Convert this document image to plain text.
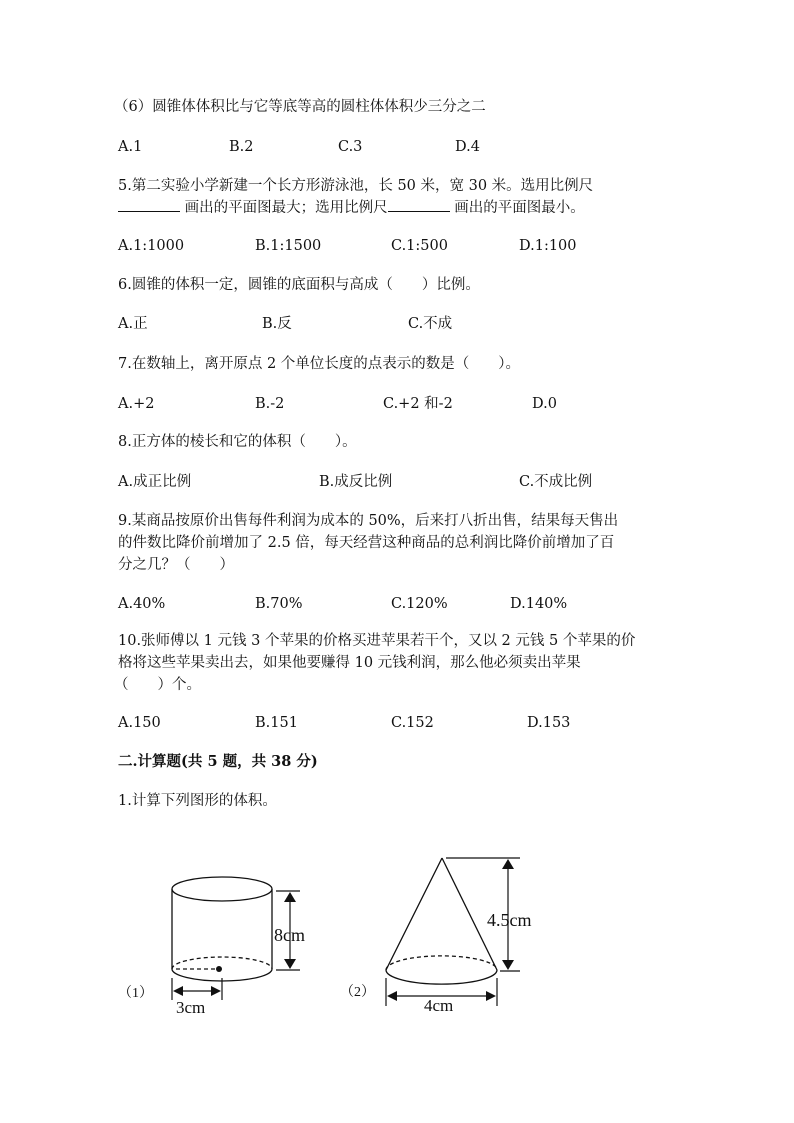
（6）圆锥体体积比与它等底等高的圆柱体体积少三分之二
A.1	B.2	C.3	D.4
5.第二实验小学新建一个长方形游泳池，长 50 米，宽 30 米。选用比例尺
画出的平面图最大；选用比例尺	画出的平面图最小。
A.1:1000	B.1:1500	C.1:500	D.1:100
6.圆锥的体积一定，圆锥的底面积与高成（　　）比例。
A.正	B.反	C.不成
7.在数轴上，离开原点 2 个单位长度的点表示的数是（　　）。
A.+2	B.-2	C.+2 和-2	D.0
8.正方体的棱长和它的体积（　　）。
A.成正比例	B.成反比例	C.不成比例
9.某商品按原价出售每件利润为成本的 50%，后来打八折出售，结果每天售出
的件数比降价前增加了 2.5 倍，每天经营这种商品的总利润比降价前增加了百
分之几？（　　）
A.40%	B.70%	C.120%	D.140%
10.张师傅以 1 元钱 3 个苹果的价格买进苹果若干个，又以 2 元钱 5 个苹果的价
格将这些苹果卖出去，如果他要赚得 10 元钱利润，那么他必须卖出苹果
（　　）个。
A.150	B.151	C.152	D.153
二.计算题(共 5 题，共 38 分)
1.计算下列图形的体积。
8cm
3cm
（1）
4.5cm
4cm
（2）
